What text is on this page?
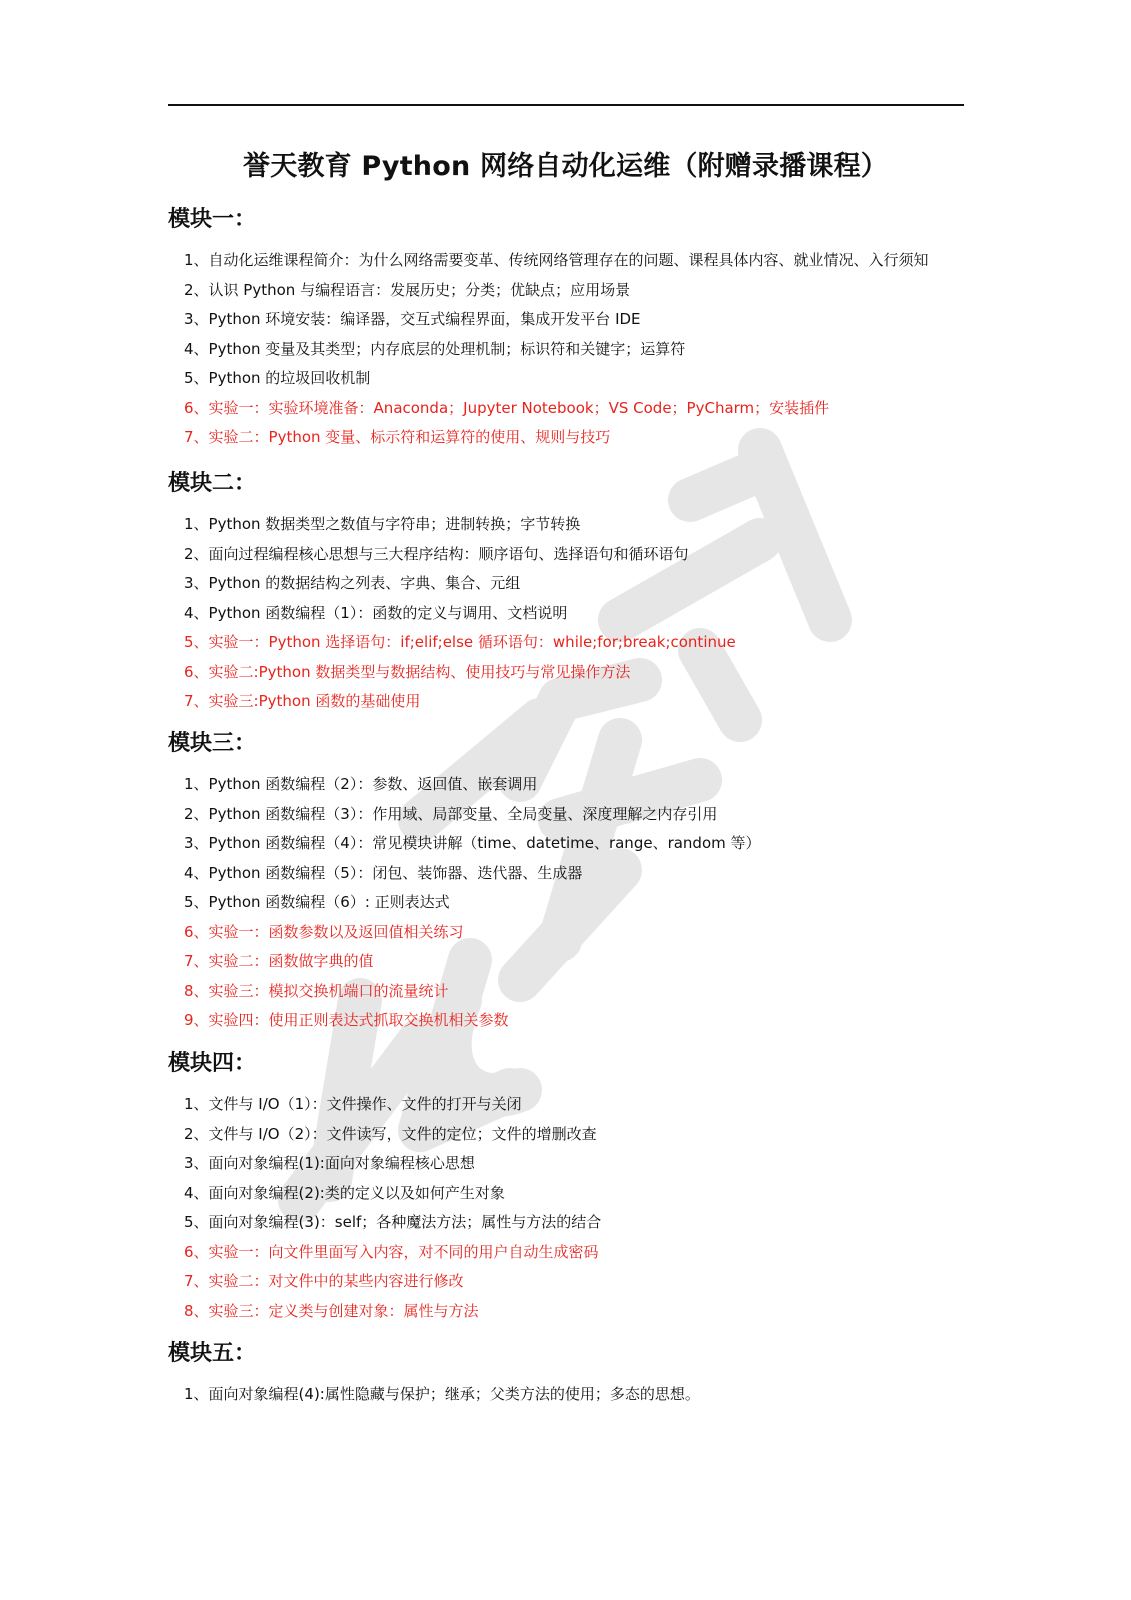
誉天教育 Python 网络自动化运维（附赠录播课程）
模块一：
1、自动化运维课程简介：为什么网络需要变革、传统网络管理存在的问题、课程具体内容、就业情况、入行须知
2、认识 Python 与编程语言：发展历史；分类；优缺点；应用场景
3、Python 环境安装：编译器，交互式编程界面，集成开发平台 IDE
4、Python 变量及其类型；内存底层的处理机制；标识符和关键字；运算符
5、Python 的垃圾回收机制
6、实验一：实验环境准备：Anaconda；Jupyter Notebook；VS Code；PyCharm；安装插件
7、实验二：Python 变量、标示符和运算符的使用、规则与技巧
模块二：
1、Python 数据类型之数值与字符串；进制转换；字节转换
2、面向过程编程核心思想与三大程序结构：顺序语句、选择语句和循环语句
3、Python 的数据结构之列表、字典、集合、元组
4、Python 函数编程（1）：函数的定义与调用、文档说明
5、实验一：Python 选择语句：if;elif;else 循环语句：while;for;break;continue
6、实验二:Python 数据类型与数据结构、使用技巧与常见操作方法
7、实验三:Python 函数的基础使用
模块三：
1、Python 函数编程（2）：参数、返回值、嵌套调用
2、Python 函数编程（3）：作用域、局部变量、全局变量、深度理解之内存引用
3、Python 函数编程（4）：常见模块讲解（time、datetime、range、random 等）
4、Python 函数编程（5）：闭包、装饰器、迭代器、生成器
5、Python 函数编程（6）: 正则表达式
6、实验一：函数参数以及返回值相关练习
7、实验二：函数做字典的值
8、实验三：模拟交换机端口的流量统计
9、实验四：使用正则表达式抓取交换机相关参数
模块四：
1、文件与 I/O（1）：文件操作、文件的打开与关闭
2、文件与 I/O（2）：文件读写，文件的定位；文件的增删改查
3、面向对象编程(1):面向对象编程核心思想
4、面向对象编程(2):类的定义以及如何产生对象
5、面向对象编程(3)：self；各种魔法方法；属性与方法的结合
6、实验一：向文件里面写入内容，对不同的用户自动生成密码
7、实验二：对文件中的某些内容进行修改
8、实验三：定义类与创建对象：属性与方法
模块五：
1、面向对象编程(4):属性隐藏与保护；继承；父类方法的使用；多态的思想。
